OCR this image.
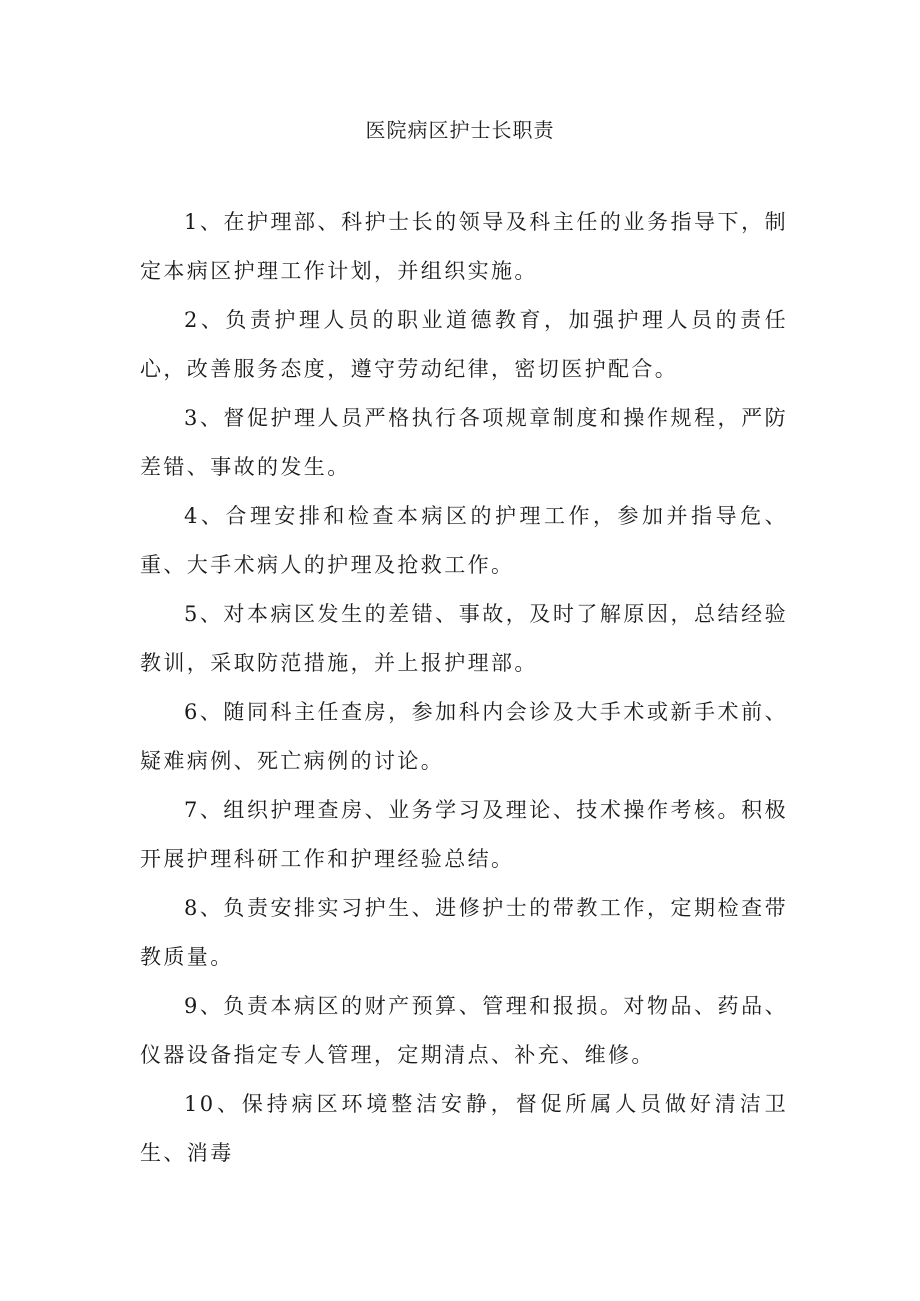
医院病区护士长职责

1、在护理部、科护士长的领导及科主任的业务指导下，制定本病区护理工作计划，并组织实施。

2、负责护理人员的职业道德教育，加强护理人员的责任心，改善服务态度，遵守劳动纪律，密切医护配合。

3、督促护理人员严格执行各项规章制度和操作规程，严防差错、事故的发生。

4、合理安排和检查本病区的护理工作，参加并指导危、重、大手术病人的护理及抢救工作。

5、对本病区发生的差错、事故，及时了解原因，总结经验教训，采取防范措施，并上报护理部。

6、随同科主任查房，参加科内会诊及大手术或新手术前、疑难病例、死亡病例的讨论。

7、组织护理查房、业务学习及理论、技术操作考核。积极开展护理科研工作和护理经验总结。

8、负责安排实习护生、进修护士的带教工作，定期检查带教质量。

9、负责本病区的财产预算、管理和报损。对物品、药品、仪器设备指定专人管理，定期清点、补充、维修。

10、保持病区环境整洁安静，督促所属人员做好清洁卫生、消毒
